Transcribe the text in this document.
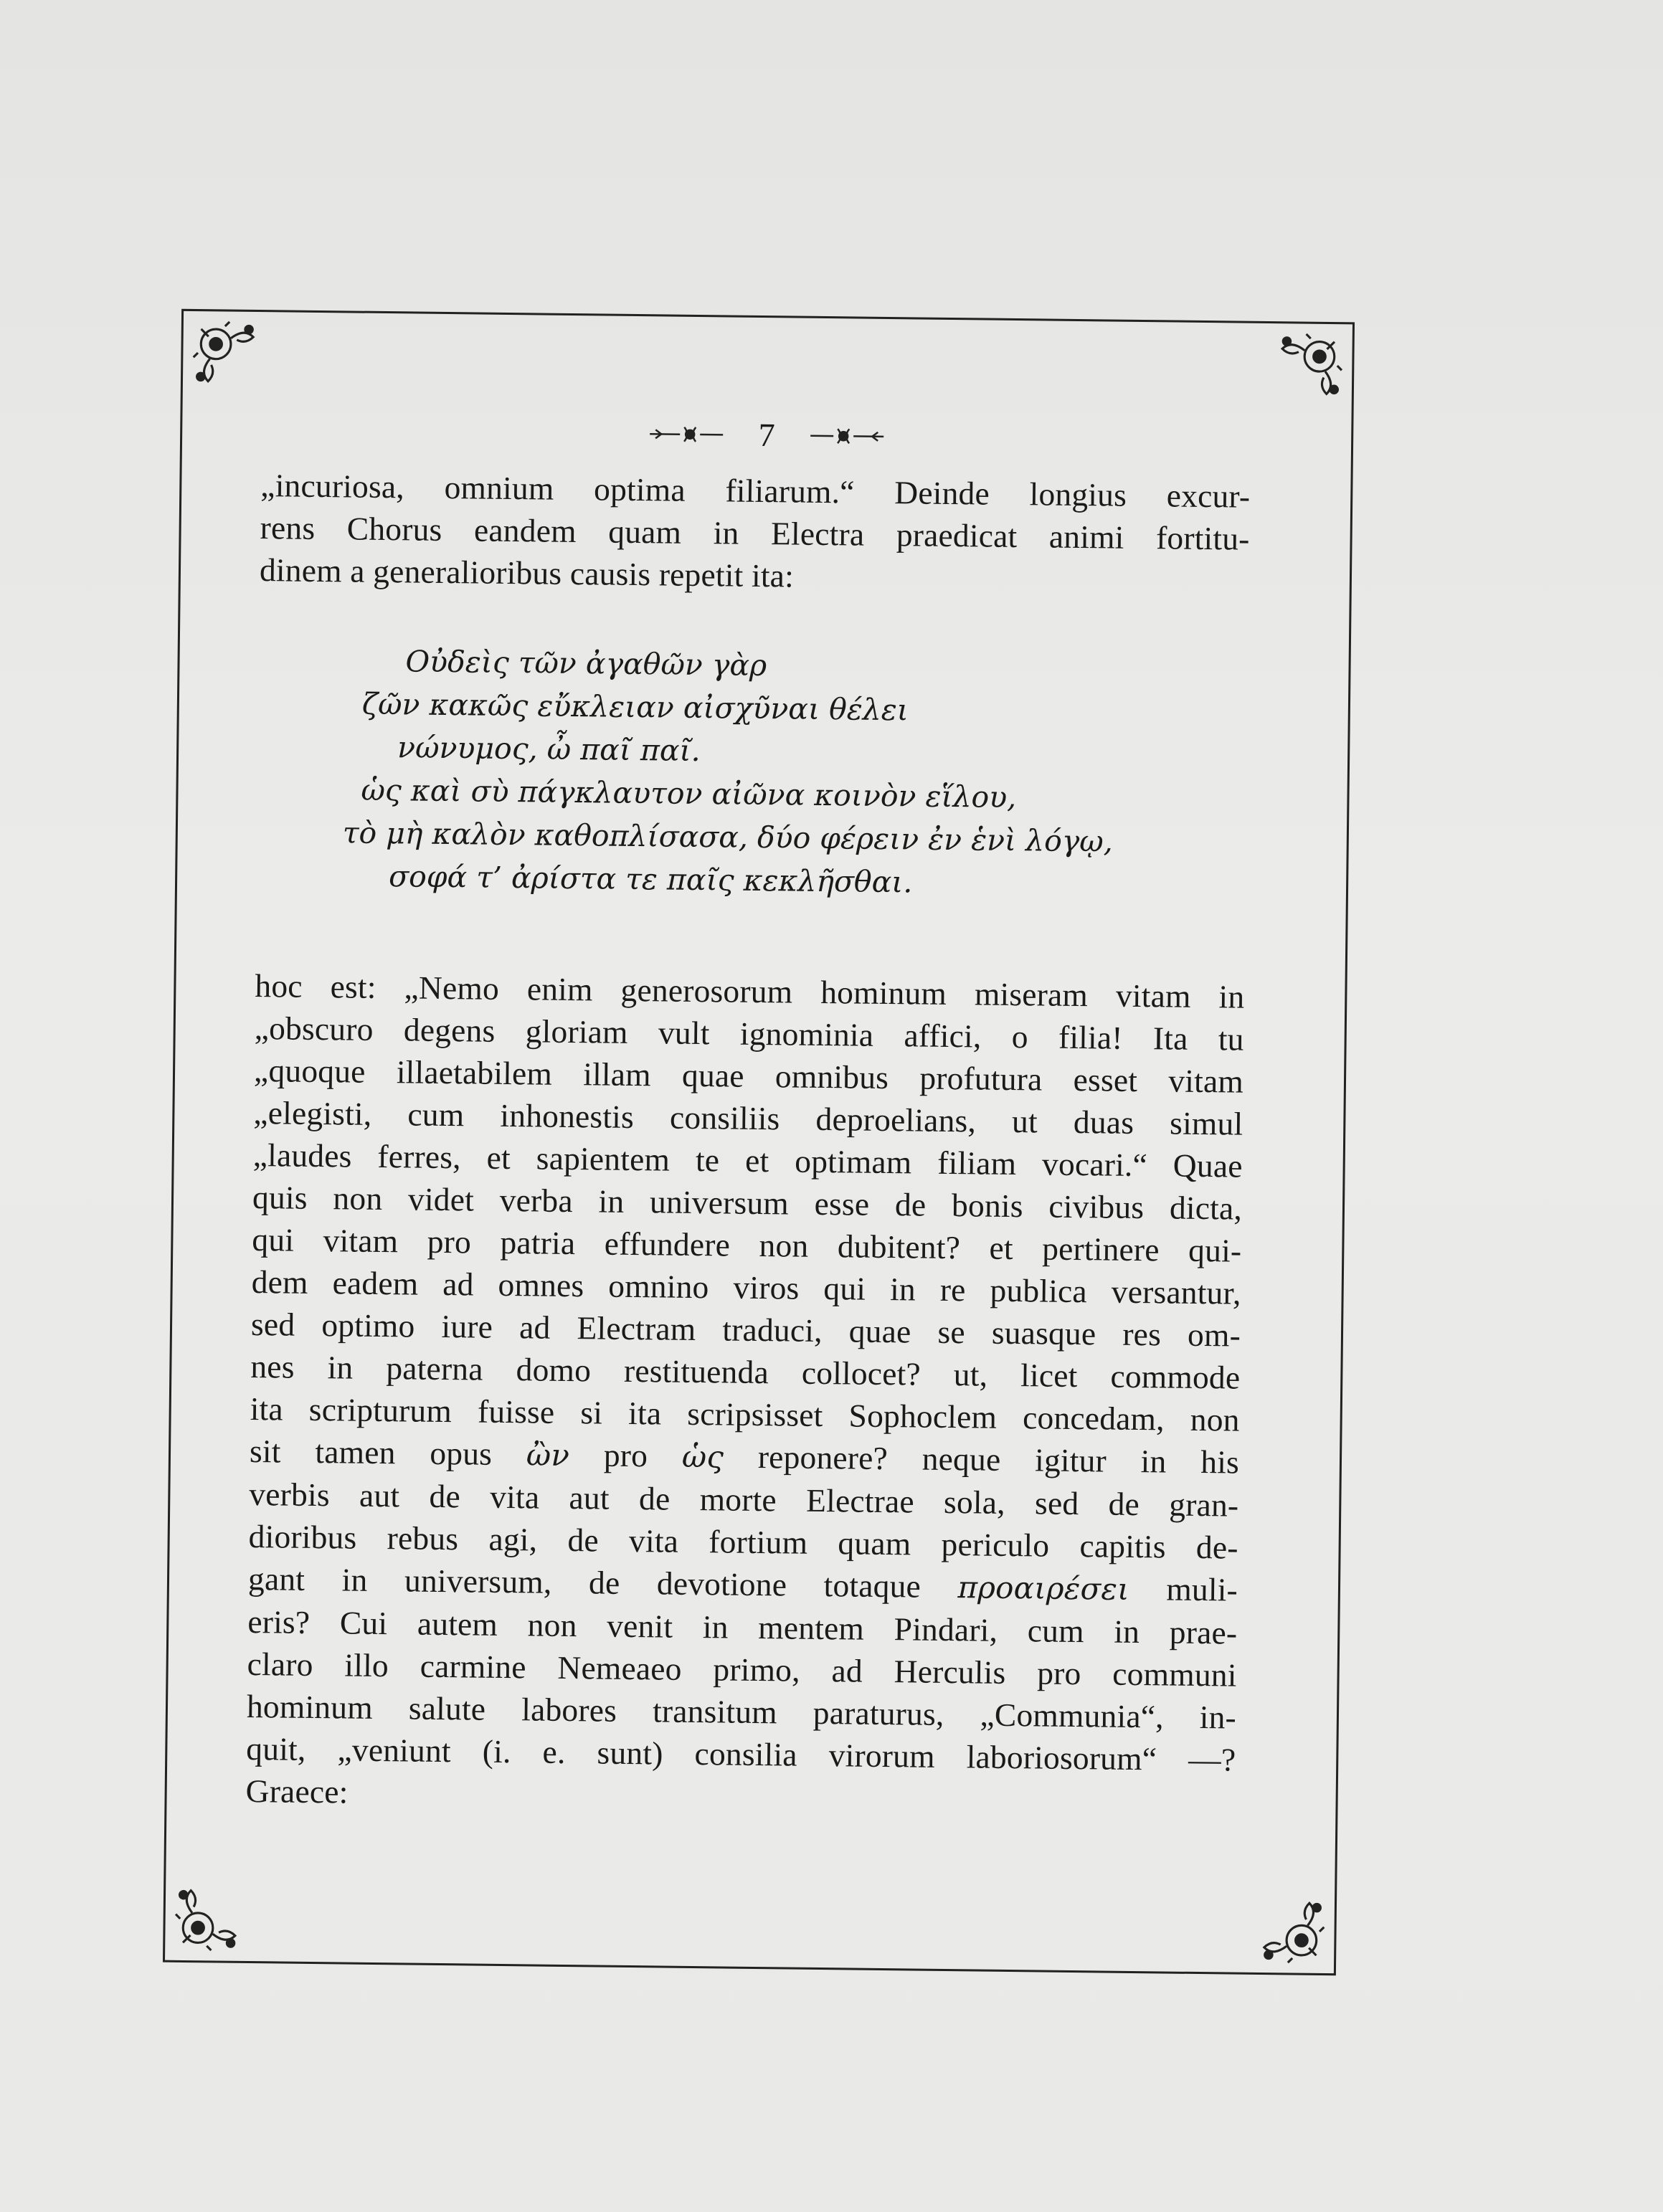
7
„incuriosa, omnium optima filiarum.“ Deinde longius excur-
rens Chorus eandem quam in Electra praedicat animi fortitu-
dinem a generalioribus causis repetit ita:
Οὐδεὶς τῶν ἀγαθῶν γὰρ
ζῶν κακῶς εὔκλειαν αἰσχῦναι θέλει
νώνυμος, ὦ παῖ παῖ.
ὡς καὶ σὺ πάγκλαυτον αἰῶνα κοινὸν εἵλου,
τὸ μὴ καλὸν καθοπλίσασα, δύο φέρειν ἐν ἑνὶ λόγῳ,
σοφά τ’ ἀρίστα τε παῖς κεκλῆσθαι.
hoc est: „Nemo enim generosorum hominum miseram vitam in
„obscuro degens gloriam vult ignominia affici, o filia! Ita tu
„quoque illaetabilem illam quae omnibus profutura esset vitam
„elegisti, cum inhonestis consiliis deproelians, ut duas simul
„laudes ferres, et sapientem te et optimam filiam vocari.“ Quae
quis non videt verba in universum esse de bonis civibus dicta,
qui vitam pro patria effundere non dubitent? et pertinere qui-
dem eadem ad omnes omnino viros qui in re publica versantur,
sed optimo iure ad Electram traduci, quae se suasque res om-
nes in paterna domo restituenda collocet? ut, licet commode
ita scripturum fuisse si ita scripsisset Sophoclem concedam, non
sit tamen opus ὢν pro ὡς reponere? neque igitur in his
verbis aut de vita aut de morte Electrae sola, sed de gran-
dioribus rebus agi, de vita fortium quam periculo capitis de-
gant in universum, de devotione totaque προαιρέσει muli-
eris? Cui autem non venit in mentem Pindari, cum in prae-
claro illo carmine Nemeaeo primo, ad Herculis pro communi
hominum salute labores transitum paraturus, „Communia“, in-
quit, „veniunt (i. e. sunt) consilia virorum laboriosorum“ —?
Graece:
